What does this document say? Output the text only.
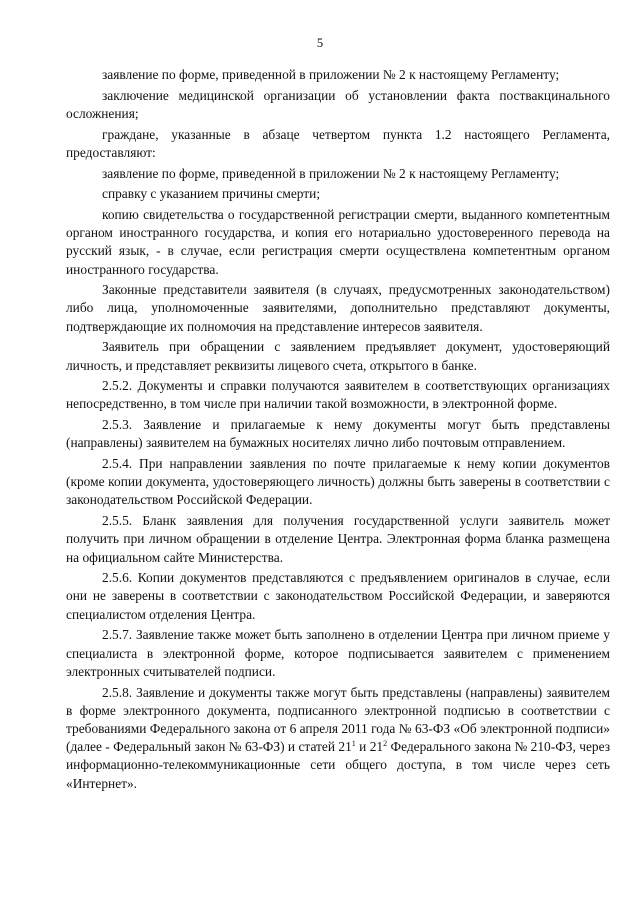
5

заявление по форме, приведенной в приложении № 2 к настоящему Регламенту;

заключение медицинской организации об установлении факта поствакцинального осложнения;

граждане, указанные в абзаце четвертом пункта 1.2 настоящего Регламента, предоставляют:

заявление по форме, приведенной в приложении № 2 к настоящему Регламенту;

справку с указанием причины смерти;

копию свидетельства о государственной регистрации смерти, выданного компетентным органом иностранного государства, и копия его нотариально удостоверенного перевода на русский язык, - в случае, если регистрация смерти осуществлена компетентным органом иностранного государства.

Законные представители заявителя (в случаях, предусмотренных законодательством) либо лица, уполномоченные заявителями, дополнительно представляют документы, подтверждающие их полномочия на представление интересов заявителя.

Заявитель при обращении с заявлением предъявляет документ, удостоверяющий личность, и представляет реквизиты лицевого счета, открытого в банке.

2.5.2. Документы и справки получаются заявителем в соответствующих организациях непосредственно, в том числе при наличии такой возможности, в электронной форме.

2.5.3. Заявление и прилагаемые к нему документы могут быть представлены (направлены) заявителем на бумажных носителях лично либо почтовым отправлением.

2.5.4. При направлении заявления по почте прилагаемые к нему копии документов (кроме копии документа, удостоверяющего личность) должны быть заверены в соответствии с законодательством Российской Федерации.

2.5.5. Бланк заявления для получения государственной услуги заявитель может получить при личном обращении в отделение Центра. Электронная форма бланка размещена на официальном сайте Министерства.

2.5.6. Копии документов представляются с предъявлением оригиналов в случае, если они не заверены в соответствии с законодательством Российской Федерации, и заверяются специалистом отделения Центра.

2.5.7. Заявление также может быть заполнено в отделении Центра при личном приеме у специалиста в электронной форме, которое подписывается заявителем с применением электронных считывателей подписи.

2.5.8. Заявление и документы также могут быть представлены (направлены) заявителем в форме электронного документа, подписанного электронной подписью в соответствии с требованиями Федерального закона от 6 апреля 2011 года № 63-ФЗ «Об электронной подписи» (далее - Федеральный закон № 63-ФЗ) и статей $21^1$ и $21^2$ Федерального закона № 210-ФЗ, через информационно-телекоммуникационные сети общего доступа, в том числе через сеть «Интернет».
